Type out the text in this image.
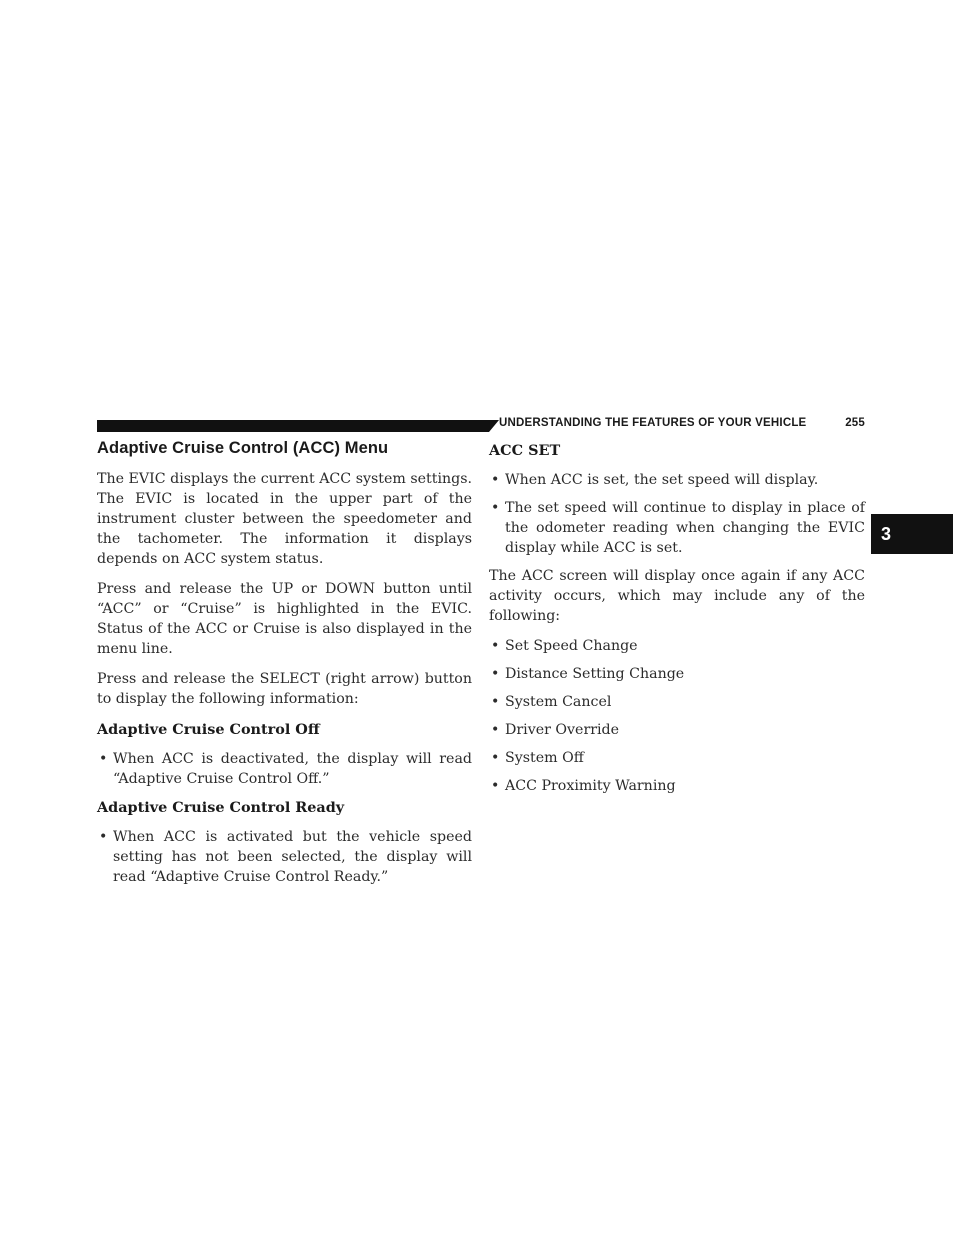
UNDERSTANDING THE FEATURES OF YOUR VEHICLE	255
3
Adaptive Cruise Control (ACC) Menu

The EVIC displays the current ACC system settings. The EVIC is located in the upper part of the instrument cluster between the speedometer and the tachometer. The information it displays depends on ACC system status.

Press and release the UP or DOWN button until “ACC” or “Cruise” is highlighted in the EVIC. Status of the ACC or Cruise is also displayed in the menu line.

Press and release the SELECT (right arrow) button to display the following information:

Adaptive Cruise Control Off
• When ACC is deactivated, the display will read “Adaptive Cruise Control Off.”
Adaptive Cruise Control Ready
• When ACC is activated but the vehicle speed setting has not been selected, the display will read “Adaptive Cruise Control Ready.”
ACC SET
• When ACC is set, the set speed will display.
• The set speed will continue to display in place of the odometer reading when changing the EVIC display while ACC is set.

The ACC screen will display once again if any ACC activity occurs, which may include any of the following:

• Set Speed Change
• Distance Setting Change
• System Cancel
• Driver Override
• System Off
• ACC Proximity Warning
